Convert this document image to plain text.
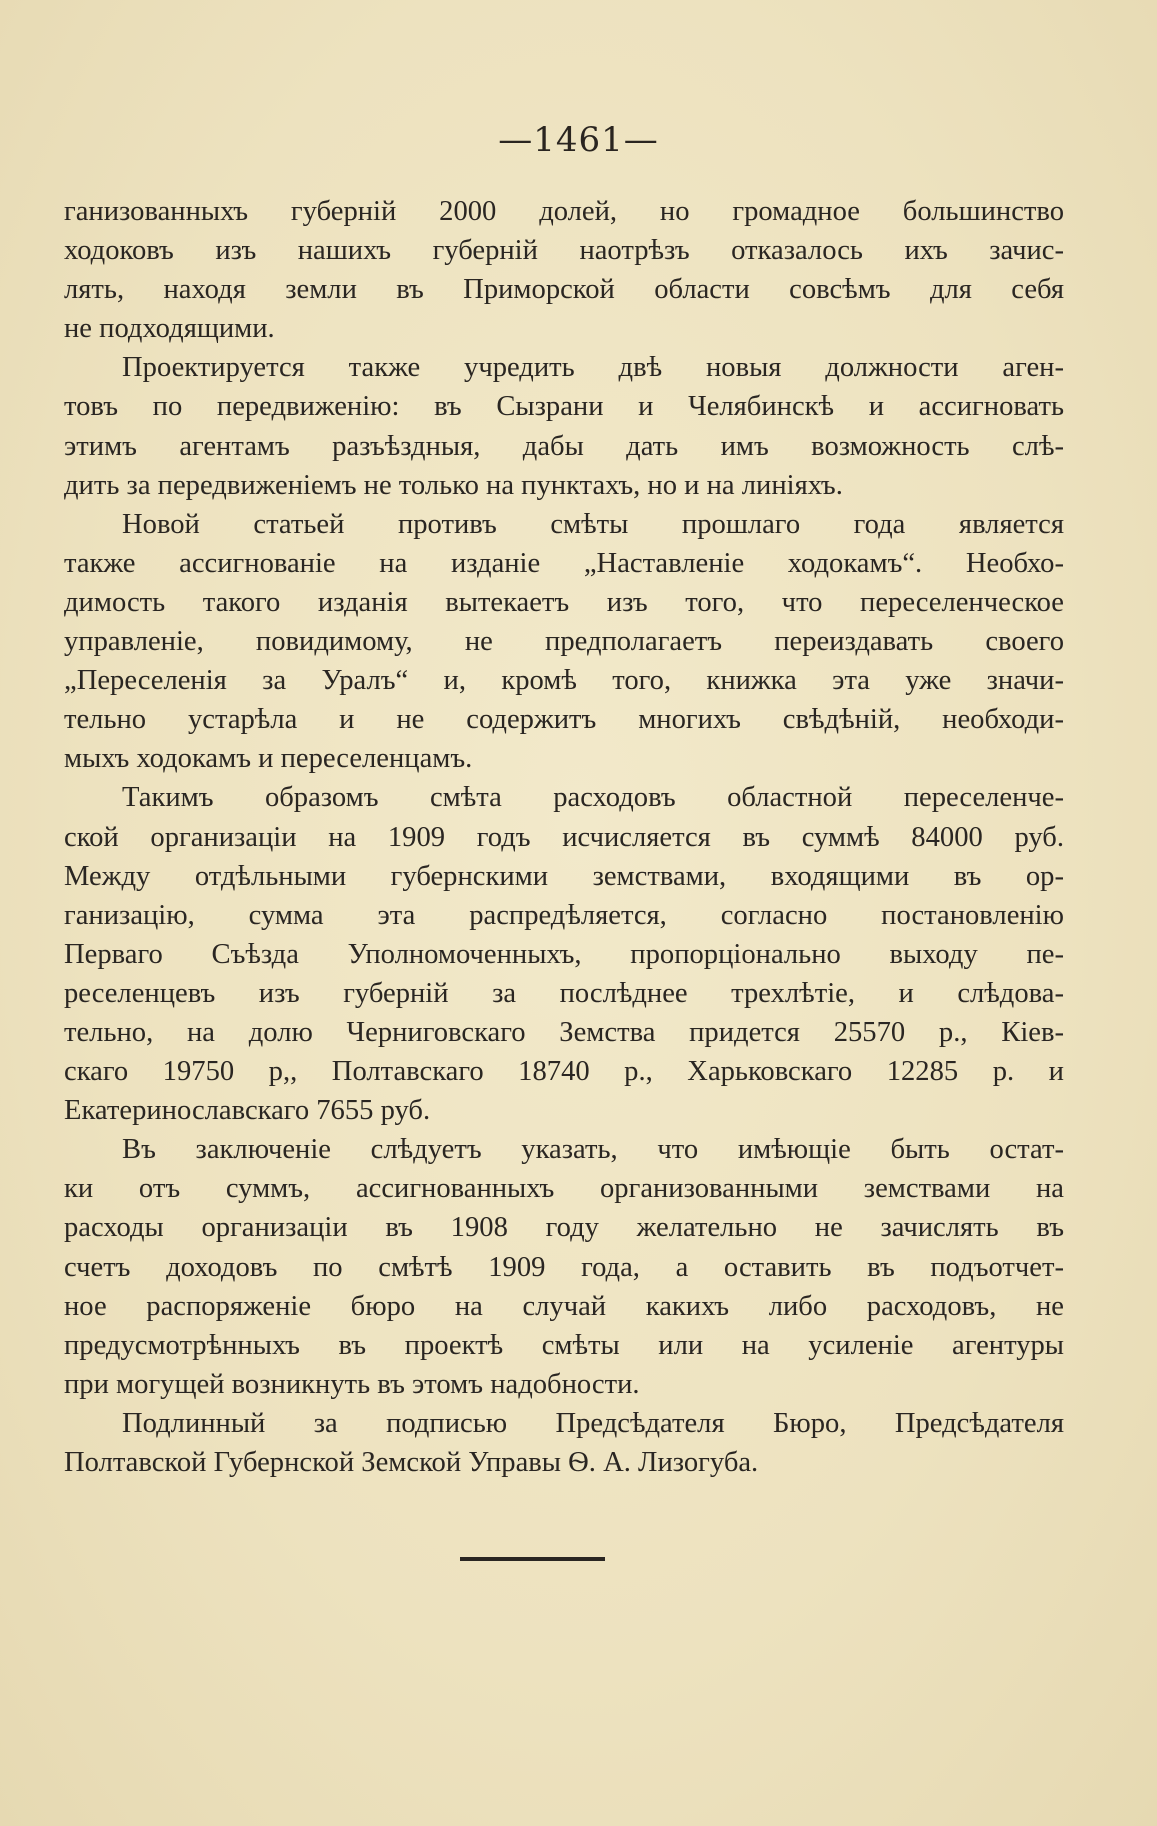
—1461—

ганизованныхъ губерній 2000 долей, но громадное большинство
ходоковъ изъ нашихъ губерній наотрѣзъ отказалось ихъ зачис-
лять, находя земли въ Приморской области совсѣмъ для себя
не подходящими.

Проектируется также учредить двѣ новыя должности аген-
товъ по передвиженію: въ Сызрани и Челябинскѣ и ассигновать
этимъ агентамъ разъѣздныя, дабы дать имъ возможность слѣ-
дить за передвиженіемъ не только на пунктахъ, но и на линіяхъ.

Новой статьей противъ смѣты прошлаго года является
также ассигнованіе на изданіе „Наставленіе ходокамъ“. Необхо-
димость такого изданія вытекаетъ изъ того, что переселенческое
управленіе, повидимому, не предполагаетъ переиздавать своего
„Переселенія за Уралъ“ и, кромѣ того, книжка эта уже значи-
тельно устарѣла и не содержитъ многихъ свѣдѣній, необходи-
мыхъ ходокамъ и переселенцамъ.

Такимъ образомъ смѣта расходовъ областной переселенче-
ской организаціи на 1909 годъ исчисляется въ суммѣ 84000 руб.
Между отдѣльными губернскими земствами, входящими въ ор-
ганизацію, сумма эта распредѣляется, согласно постановленію
Перваго Съѣзда Уполномоченныхъ, пропорціонально выходу пе-
реселенцевъ изъ губерній за послѣднее трехлѣтіе, и слѣдова-
тельно, на долю Черниговскаго Земства придется 25570 р., Кіев-
скаго 19750 р,, Полтавскаго 18740 р., Харьковскаго 12285 р. и
Екатеринославскаго 7655 руб.

Въ заключеніе слѣдуетъ указать, что имѣющіе быть остат-
ки отъ суммъ, ассигнованныхъ организованными земствами на
расходы организаціи въ 1908 году желательно не зачислять въ
счетъ доходовъ по смѣтѣ 1909 года, а оставить въ подъотчет-
ное распоряженіе бюро на случай какихъ либо расходовъ, не
предусмотрѣнныхъ въ проектѣ смѣты или на усиленіе агентуры
при могущей возникнуть въ этомъ надобности.

Подлинный за подписью Предсѣдателя Бюро, Предсѣдателя
Полтавской Губернской Земской Управы Ѳ. А. Лизогуба.
